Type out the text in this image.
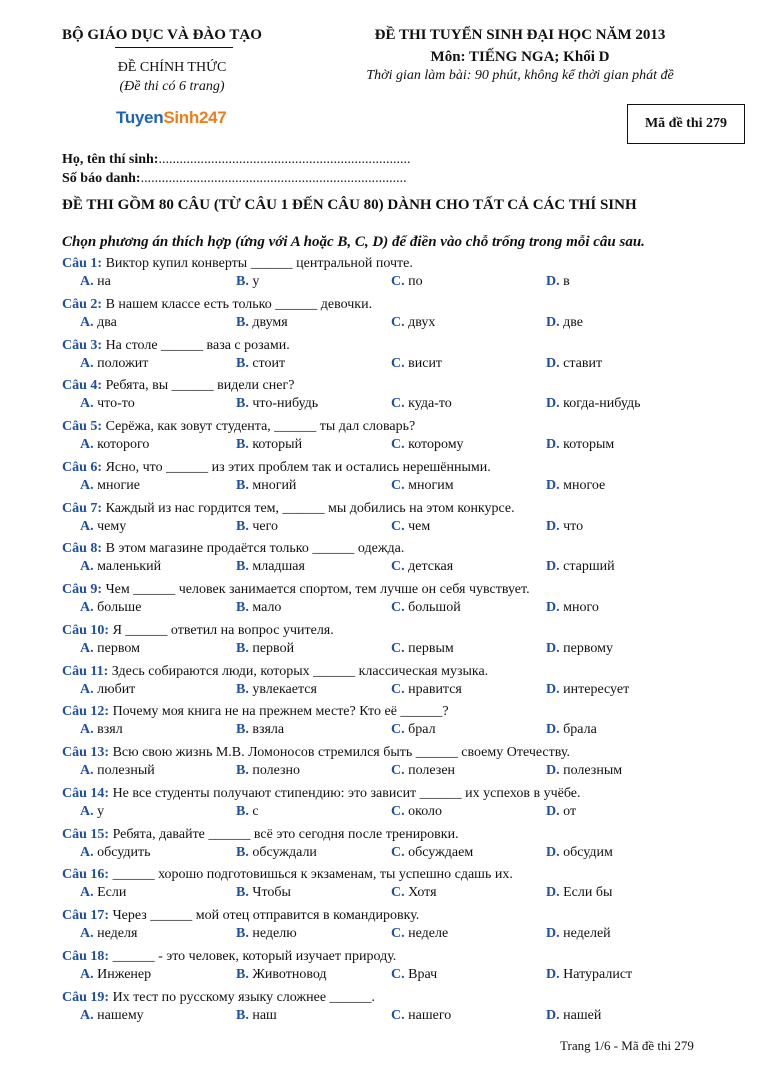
BỘ GIÁO DỤC VÀ ĐÀO TẠO
ĐỀ CHÍNH THỨC
(Đề thi có 6 trang)
TuyenSinh247
ĐỀ THI TUYỂN SINH ĐẠI HỌC NĂM 2013
Môn: TIẾNG NGA; Khối D
Thời gian làm bài: 90 phút, không kể thời gian phát đề
Mã đề thi 279
Họ, tên thí sinh:........................................................................
Số báo danh:............................................................................
ĐỀ THI GỒM 80 CÂU (TỪ CÂU 1 ĐẾN CÂU 80) DÀNH CHO TẤT CẢ CÁC THÍ SINH
Chọn phương án thích hợp (ứng với A hoặc B, C, D) để điền vào chỗ trống trong mỗi câu sau.
Câu 1: Виктор купил конверты ______ центральной почте.
A. на	B. у	C. по	D. в
Câu 2: В нашем классе есть только ______ девочки.
A. два	B. двумя	C. двух	D. две
Câu 3: На столе ______ ваза с розами.
A. положит	B. стоит	C. висит	D. ставит
Câu 4: Ребята, вы ______ видели снег?
A. что-то	B. что-нибудь	C. куда-то	D. когда-нибудь
Câu 5: Серёжа, как зовут студента, ______ ты дал словарь?
A. которого	B. который	C. которому	D. которым
Câu 6: Ясно, что ______ из этих проблем так и остались нерешёнными.
A. многие	B. многий	C. многим	D. многое
Câu 7: Каждый из нас гордится тем, ______ мы добились на этом конкурсе.
A. чему	B. чего	C. чем	D. что
Câu 8: В этом магазине продаётся только ______ одежда.
A. маленький	B. младшая	C. детская	D. старший
Câu 9: Чем ______ человек занимается спортом, тем лучше он себя чувствует.
A. больше	B. мало	C. большой	D. много
Câu 10: Я ______ ответил на вопрос учителя.
A. первом	B. первой	C. первым	D. первому
Câu 11: Здесь собираются люди, которых ______ классическая музыка.
A. любит	B. увлекается	C. нравится	D. интересует
Câu 12: Почему моя книга не на прежнем месте? Кто её ______?
A. взял	B. взяла	C. брал	D. брала
Câu 13: Всю свою жизнь М.В. Ломоносов стремился быть ______ своему Отечеству.
A. полезный	B. полезно	C. полезен	D. полезным
Câu 14: Не все студенты получают стипендию: это зависит ______ их успехов в учёбе.
A. у	B. с	C. около	D. от
Câu 15: Ребята, давайте ______ всё это сегодня после тренировки.
A. обсудить	B. обсуждали	C. обсуждаем	D. обсудим
Câu 16: ______ хорошо подготовишься к экзаменам, ты успешно сдашь их.
A. Если	B. Чтобы	C. Хотя	D. Если бы
Câu 17: Через ______ мой отец отправится в командировку.
A. неделя	B. неделю	C. неделе	D. неделей
Câu 18: ______ - это человек, который изучает природу.
A. Инженер	B. Животновод	C. Врач	D. Натуралист
Câu 19: Их тест по русскому языку сложнее ______.
A. нашему	B. наш	C. нашего	D. нашей
Trang 1/6 - Mã đề thi 279
